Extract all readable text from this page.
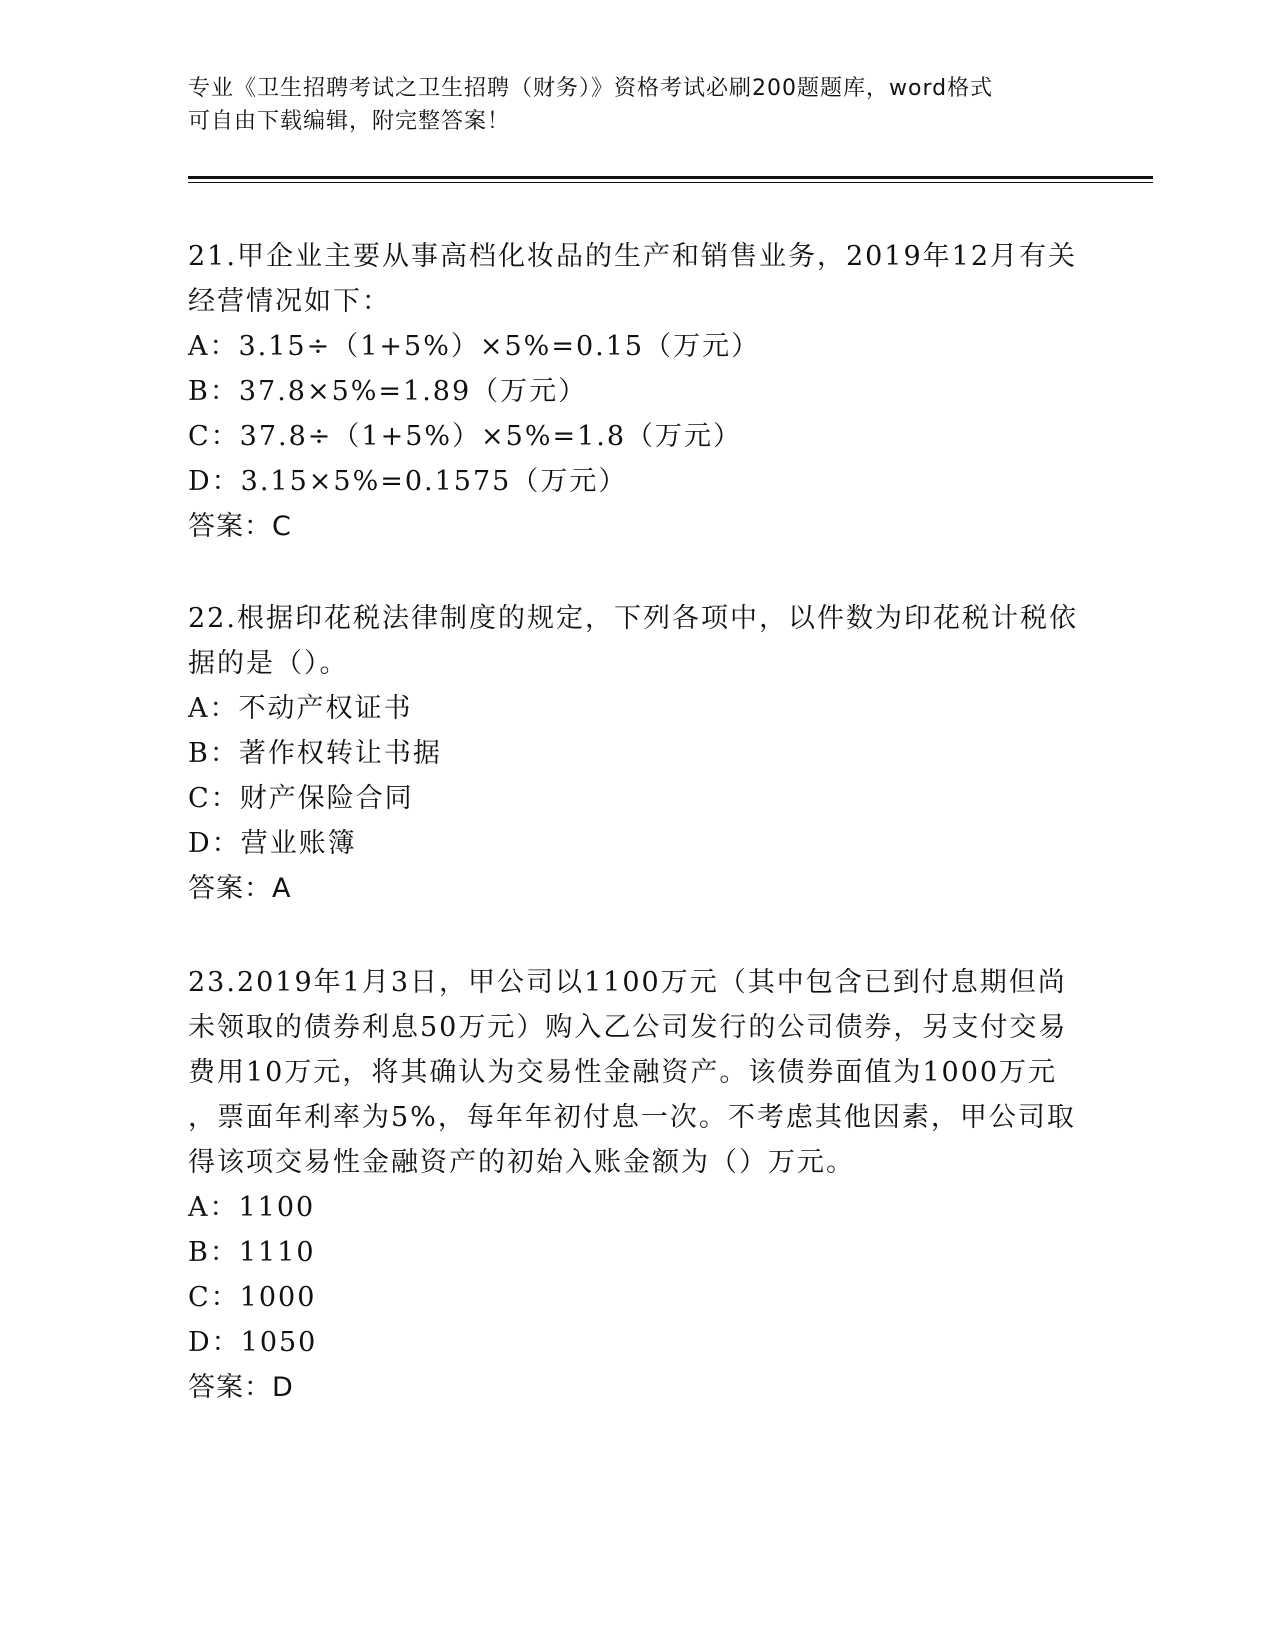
专业《卫生招聘考试之卫生招聘（财务）》资格考试必刷200题题库，word格式
可自由下载编辑，附完整答案！

21.甲企业主要从事高档化妆品的生产和销售业务，2019年12月有关

经营情况如下：

A：3.15÷（1+5%）×5%=0.15（万元）

B：37.8×5%=1.89（万元）

C：37.8÷（1+5%）×5%=1.8（万元）

D：3.15×5%=0.1575（万元）

答案：C

22.根据印花税法律制度的规定，下列各项中，以件数为印花税计税依

据的是（）。

A：不动产权证书

B：著作权转让书据

C：财产保险合同

D：营业账簿

答案：A

23.2019年1月3日，甲公司以1100万元（其中包含已到付息期但尚

未领取的债券利息50万元）购入乙公司发行的公司债券，另支付交易

费用10万元，将其确认为交易性金融资产。该债券面值为1000万元

，票面年利率为5%，每年年初付息一次。不考虑其他因素，甲公司取

得该项交易性金融资产的初始入账金额为（）万元。

A：1100

B：1110

C：1000

D：1050

答案：D
